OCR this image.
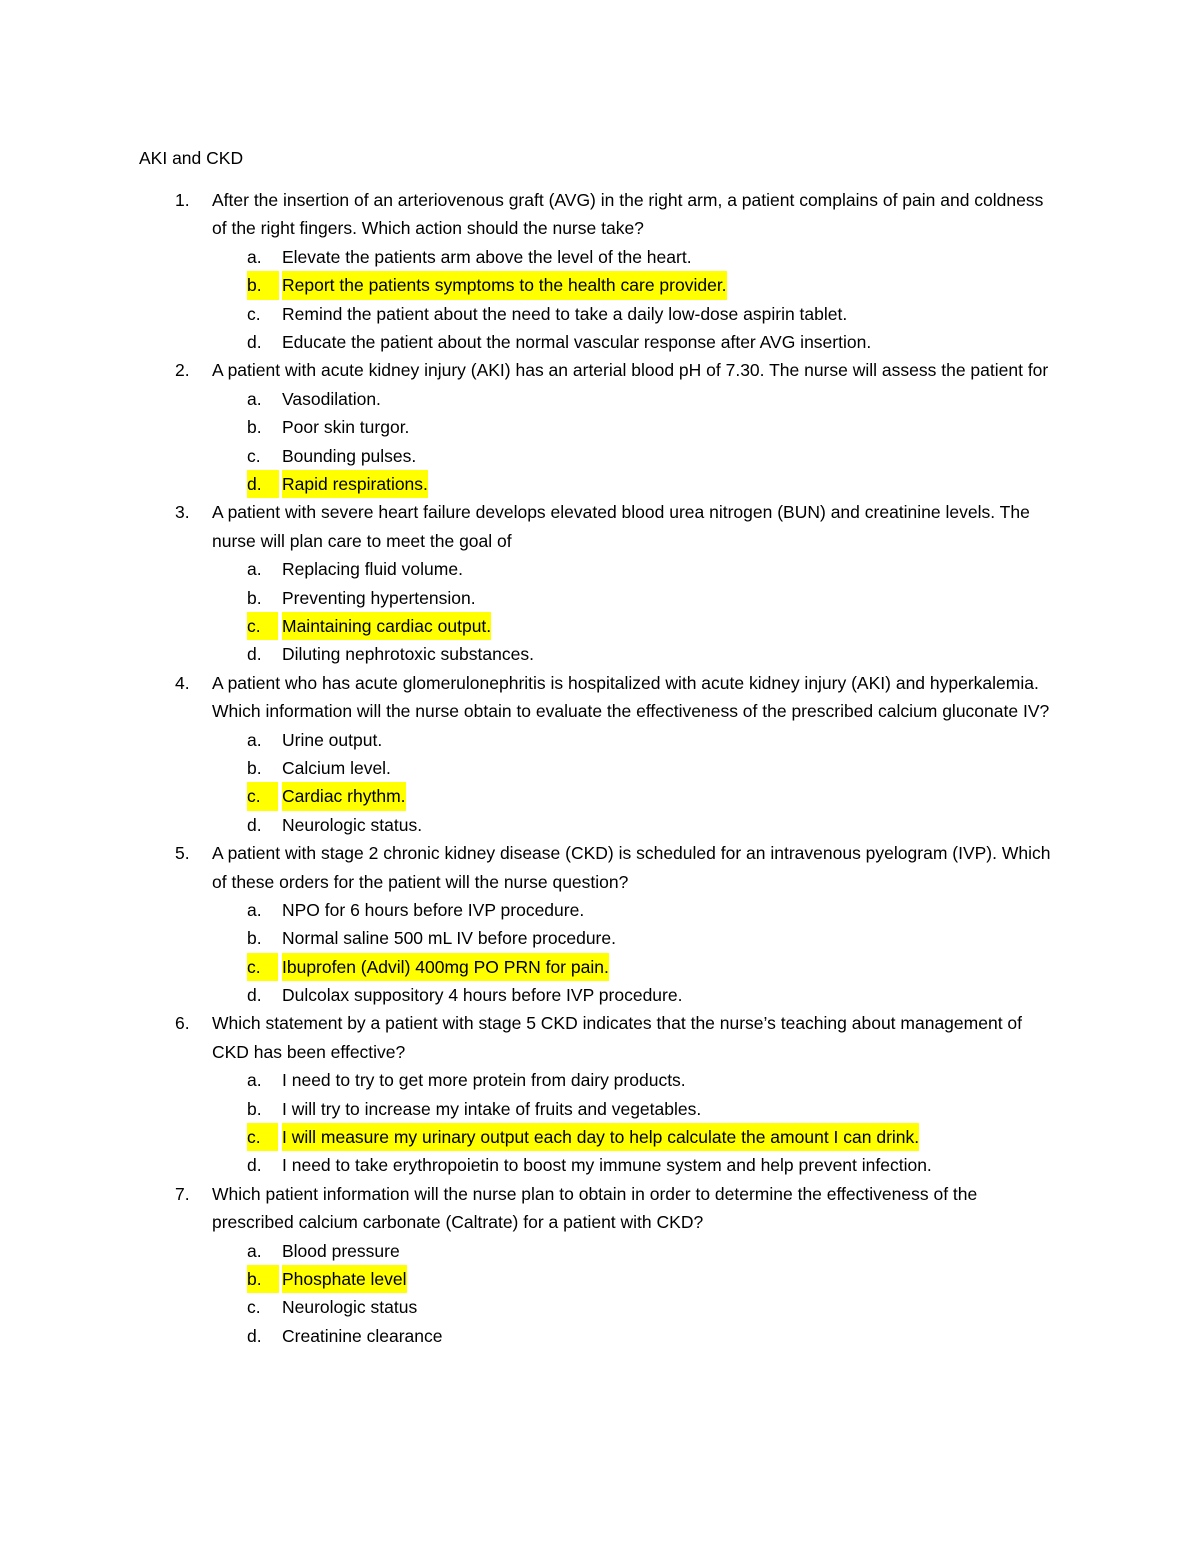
AKI and CKD
1. After the insertion of an arteriovenous graft (AVG) in the right arm, a patient complains of pain and coldness of the right fingers. Which action should the nurse take?
a. Elevate the patients arm above the level of the heart.
b.	Report the patients symptoms to the health care provider.
c. Remind the patient about the need to take a daily low-dose aspirin tablet.
d. Educate the patient about the normal vascular response after AVG insertion.
2. A patient with acute kidney injury (AKI) has an arterial blood pH of 7.30. The nurse will assess the patient for
a. Vasodilation.
b. Poor skin turgor.
c. Bounding pulses.
d.	Rapid respirations.
3. A patient with severe heart failure develops elevated blood urea nitrogen (BUN) and creatinine levels. The nurse will plan care to meet the goal of
a. Replacing fluid volume.
b. Preventing hypertension.
c.	Maintaining cardiac output.
d. Diluting nephrotoxic substances.
4. A patient who has acute glomerulonephritis is hospitalized with acute kidney injury (AKI) and hyperkalemia. Which information will the nurse obtain to evaluate the effectiveness of the prescribed calcium gluconate IV?
a. Urine output.
b. Calcium level.
c.	Cardiac rhythm.
d. Neurologic status.
5. A patient with stage 2 chronic kidney disease (CKD) is scheduled for an intravenous pyelogram (IVP). Which of these orders for the patient will the nurse question?
a. NPO for 6 hours before IVP procedure.
b. Normal saline 500 mL IV before procedure.
c.	Ibuprofen (Advil) 400mg PO PRN for pain.
d. Dulcolax suppository 4 hours before IVP procedure.
6. Which statement by a patient with stage 5 CKD indicates that the nurse’s teaching about management of CKD has been effective?
a. I need to try to get more protein from dairy products.
b. I will try to increase my intake of fruits and vegetables.
c.	I will measure my urinary output each day to help calculate the amount I can drink.
d. I need to take erythropoietin to boost my immune system and help prevent infection.
7. Which patient information will the nurse plan to obtain in order to determine the effectiveness of the prescribed calcium carbonate (Caltrate) for a patient with CKD?
a. Blood pressure
b.	Phosphate level
c. Neurologic status
d. Creatinine clearance
